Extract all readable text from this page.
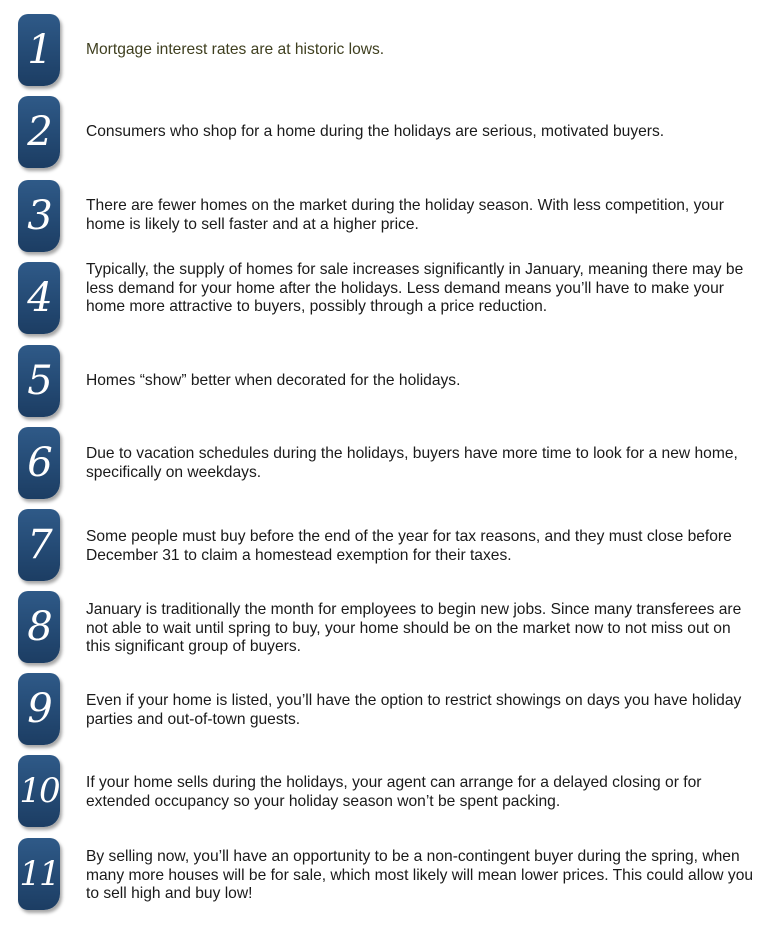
1 Mortgage interest rates are at historic lows.
2 Consumers who shop for a home during the holidays are serious, motivated buyers.
3 There are fewer homes on the market during the holiday season. With less competition, your home is likely to sell faster and at a higher price.
4
Typically, the supply of homes for sale increases significantly in January, meaning there may be less demand for your home after the holidays. Less demand means you’ll have to make your home more attractive to buyers, possibly through a price reduction.
5 Homes “show” better when decorated for the holidays.
6 Due to vacation schedules during the holidays, buyers have more time to look for a new home, specifically on weekdays.
7 Some people must buy before the end of the year for tax reasons, and they must close before December 31 to claim a homestead exemption for their taxes.
8 January is traditionally the month for employees to begin new jobs. Since many transferees are not able to wait until spring to buy, your home should be on the market now to not miss out on this significant group of buyers.
9 Even if your home is listed, you’ll have the option to restrict showings on days you have holiday parties and out-of-town guests.
10 If your home sells during the holidays, your agent can arrange for a delayed closing or for extended occupancy so your holiday season won’t be spent packing.
11 By selling now, you’ll have an opportunity to be a non-contingent buyer during the spring, when many more houses will be for sale, which most likely will mean lower prices. This could allow you to sell high and buy low!
